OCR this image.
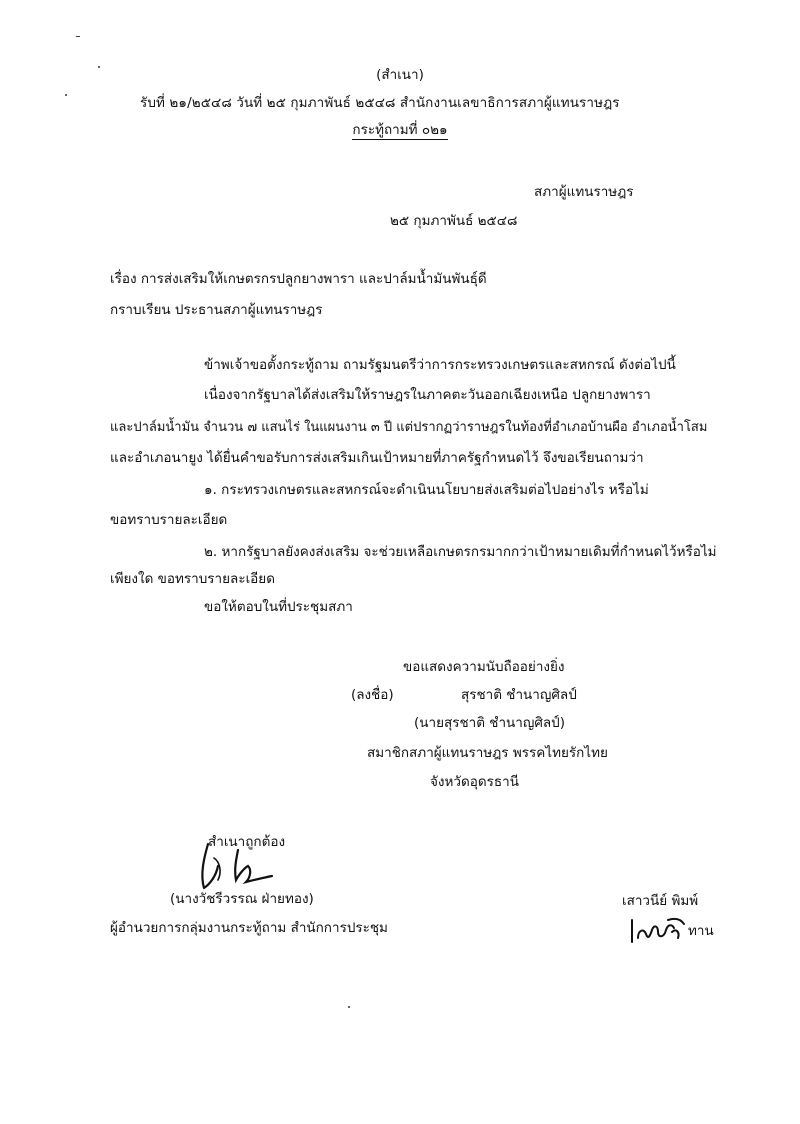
(สำเนา)
รับที่ ๒๑/๒๕๔๘ วันที่ ๒๕ กุมภาพันธ์ ๒๕๔๘ สำนักงานเลขาธิการสภาผู้แทนราษฎร
กระทู้ถามที่ ๐๒๑
สภาผู้แทนราษฎร
๒๕ กุมภาพันธ์ ๒๕๔๘
เรื่อง การส่งเสริมให้เกษตรกรปลูกยางพารา และปาล์มน้ำมันพันธุ์ดี
กราบเรียน ประธานสภาผู้แทนราษฎร
ข้าพเจ้าขอตั้งกระทู้ถาม ถามรัฐมนตรีว่าการกระทรวงเกษตรและสหกรณ์ ดังต่อไปนี้
เนื่องจากรัฐบาลได้ส่งเสริมให้ราษฎรในภาคตะวันออกเฉียงเหนือ ปลูกยางพารา
และปาล์มน้ำมัน จำนวน ๗ แสนไร่ ในแผนงาน ๓ ปี แต่ปรากฏว่าราษฎรในท้องที่อำเภอบ้านผือ อำเภอน้ำโสม
และอำเภอนายูง ได้ยื่นคำขอรับการส่งเสริมเกินเป้าหมายที่ภาครัฐกำหนดไว้ จึงขอเรียนถามว่า
๑. กระทรวงเกษตรและสหกรณ์จะดำเนินนโยบายส่งเสริมต่อไปอย่างไร หรือไม่
ขอทราบรายละเอียด
๒. หากรัฐบาลยังคงส่งเสริม จะช่วยเหลือเกษตรกรมากกว่าเป้าหมายเดิมที่กำหนดไว้หรือไม่
เพียงใด ขอทราบรายละเอียด
ขอให้ตอบในที่ประชุมสภา
ขอแสดงความนับถืออย่างยิ่ง
(ลงชื่อ)	สุรชาติ ชำนาญศิลป์
(นายสุรชาติ ชำนาญศิลป์)
สมาชิกสภาผู้แทนราษฎร พรรคไทยรักไทย
จังหวัดอุดรธานี
สำเนาถูกต้อง
(นางวัชรีวรรณ ฝ่ายทอง)
ผู้อำนวยการกลุ่มงานกระทู้ถาม สำนักการประชุม
เสาวนีย์ พิมพ์
ทาน
